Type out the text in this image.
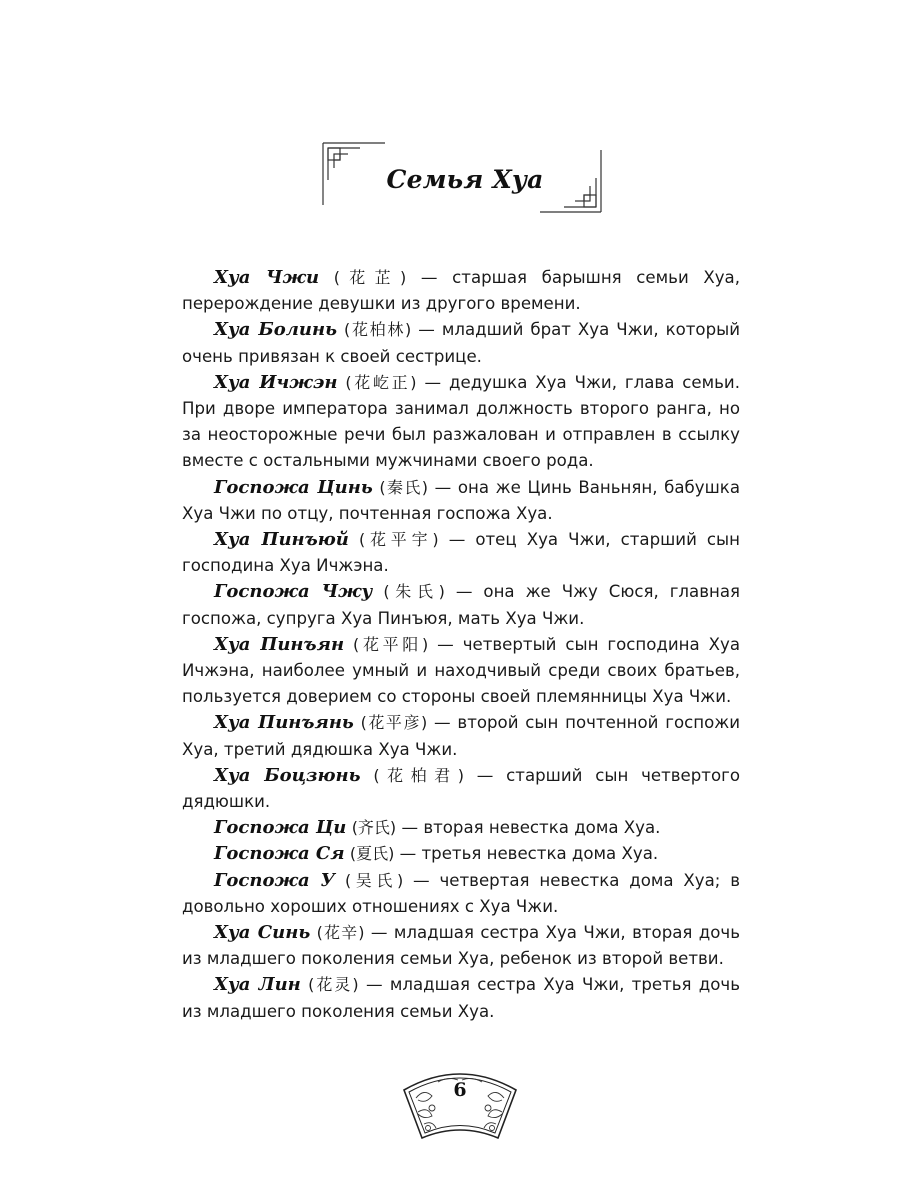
Семья Хуа

Хуа Чжи (花芷) — старшая барышня семьи Хуа, перерождение девушки из другого времени.

Хуа Болинь (花柏林) — младший брат Хуа Чжи, который очень привязан к своей сестрице.

Хуа Ичжэн (花屹正) — дедушка Хуа Чжи, глава семьи. При дворе императора занимал должность второго ранга, но за неосторожные речи был разжалован и отправлен в ссылку вместе с остальными мужчинами своего рода.

Госпожа Цинь (秦氏) — она же Цинь Ваньнян, бабушка Хуа Чжи по отцу, почтенная госпожа Хуа.

Хуа Пинъюй (花平宇) — отец Хуа Чжи, старший сын господина Хуа Ичжэна.

Госпожа Чжу (朱氏) — она же Чжу Сюся, главная госпожа, супруга Хуа Пинъюя, мать Хуа Чжи.

Хуа Пинъян (花平阳) — четвертый сын господина Хуа Ичжэна, наиболее умный и находчивый среди своих братьев, пользуется доверием со стороны своей племянницы Хуа Чжи.

Хуа Пинъянь (花平彦) — второй сын почтенной госпожи Хуа, третий дядюшка Хуа Чжи.

Хуа Боцзюнь (花柏君) — старший сын четвертого дядюшки.

Госпожа Ци (齐氏) — вторая невестка дома Хуа.

Госпожа Ся (夏氏) — третья невестка дома Хуа.

Госпожа У (吴氏) — четвертая невестка дома Хуа; в довольно хороших отношениях с Хуа Чжи.

Хуа Синь (花辛) — младшая сестра Хуа Чжи, вторая дочь из младшего поколения семьи Хуа, ребенок из второй ветви.

Хуа Лин (花灵) — младшая сестра Хуа Чжи, третья дочь из младшего поколения семьи Хуа.

6
